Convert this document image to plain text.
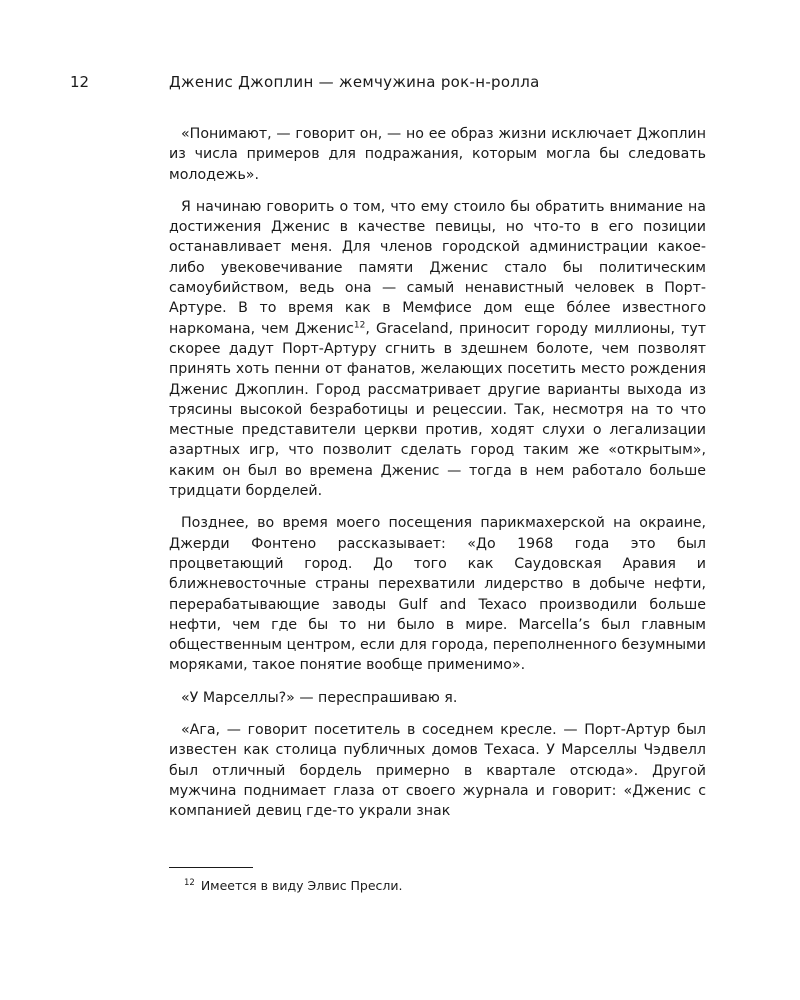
12	Дженис Джоплин — жемчужина рок-н-ролла

«Понимают, — говорит он, — но ее образ жизни исключает Джоплин из числа примеров для подражания, которым могла бы следовать молодежь».

Я начинаю говорить о том, что ему стоило бы обратить внимание на достижения Дженис в качестве певицы, но что-то в его позиции останавливает меня. Для членов городской администрации какое-либо увековечивание памяти Дженис стало бы политическим самоубийством, ведь она — самый ненавистный человек в Порт-Артуре. В то время как в Мемфисе дом еще бо́лее известного наркомана, чем Дженис$^{12}$, Graceland, приносит городу миллионы, тут скорее дадут Порт-Артуру сгнить в здешнем болоте, чем позволят принять хоть пенни от фанатов, желающих посетить место рождения Дженис Джоплин. Город рассматривает другие варианты выхода из трясины высокой безработицы и рецессии. Так, несмотря на то что местные представители церкви против, ходят слухи о легализации азартных игр, что позволит сделать город таким же «открытым», каким он был во времена Дженис — тогда в нем работало больше тридцати борделей.

Позднее, во время моего посещения парикмахерской на окраине, Джерди Фонтено рассказывает: «До 1968 года это был процветающий город. До того как Саудовская Аравия и ближневосточные страны перехватили лидерство в добыче нефти, перерабатывающие заводы Gulf and Texaco производили больше нефти, чем где бы то ни было в мире. Marcella’s был главным общественным центром, если для города, переполненного безумными моряками, такое понятие вообще применимо».

«У Марселлы?» — переспрашиваю я.

«Ага, — говорит посетитель в соседнем кресле. — Порт-Артур был известен как столица публичных домов Техаса. У Марселлы Чэдвелл был отличный бордель примерно в квартале отсюда». Другой мужчина поднимает глаза от своего журнала и говорит: «Дженис с компанией девиц где-то украли знак

$^{12}$ Имеется в виду Элвис Пресли.
